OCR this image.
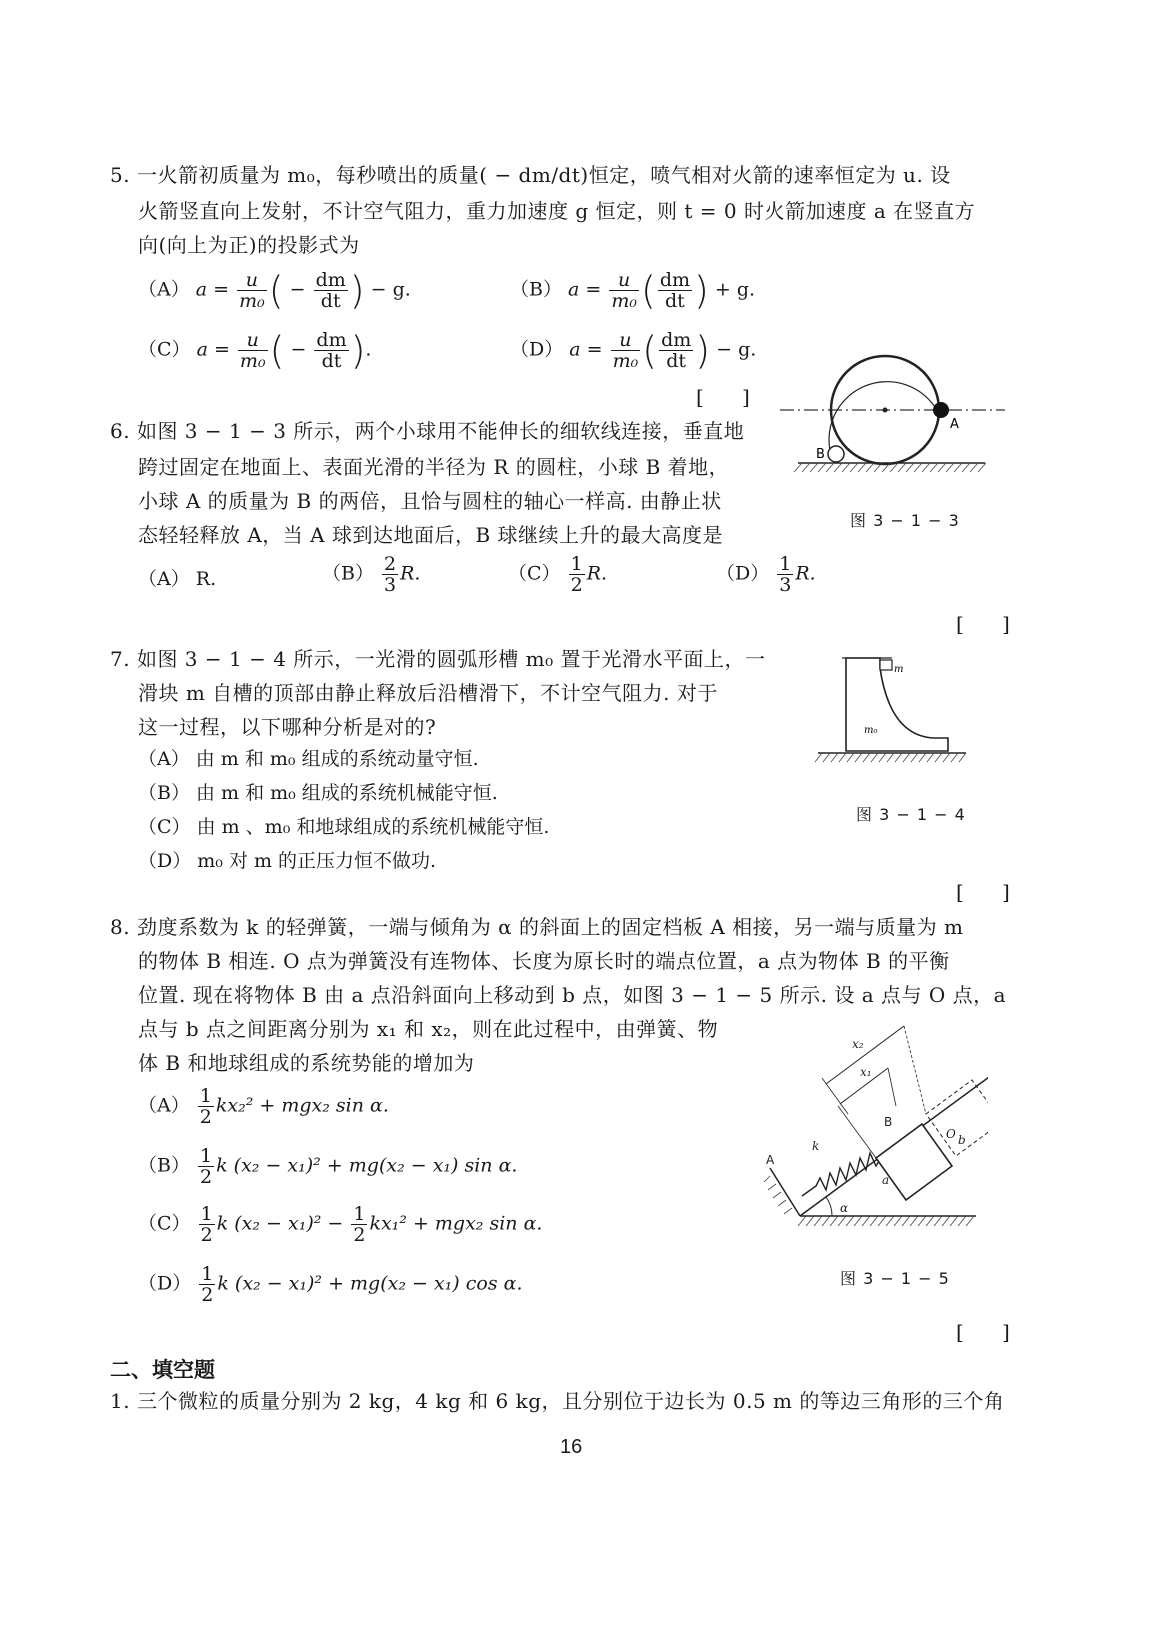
5. 一火箭初质量为 m₀，每秒喷出的质量( − dm/dt)恒定，喷气相对火箭的速率恒定为 u. 设
火箭竖直向上发射，不计空气阻力，重力加速度 g 恒定，则 t = 0 时火箭加速度 a 在竖直方
向(向上为正)的投影式为
（A） $a = \frac{u}{\text{m₀}}$ ( − $\frac{dm}{dt}$ ) − g.	（B） $a = \frac{u}{\text{m₀}}$ ( $\frac{dm}{dt}$ ) + g.
（C） $a = \frac{u}{\text{m₀}}$ ( − $\frac{dm}{dt}$ ).	（D） $a = \frac{u}{\text{m₀}}$ ( $\frac{dm}{dt}$ ) − g.
[      ]
6. 如图 3 − 1 − 3 所示，两个小球用不能伸长的细软线连接，垂直地
跨过固定在地面上、表面光滑的半径为 R 的圆柱，小球 B 着地，
小球 A 的质量为 B 的两倍，且恰与圆柱的轴心一样高. 由静止状
态轻轻释放 A，当 A 球到达地面后，B 球继续上升的最大高度是
（A） R.	$(B) \frac{2}{3} R$.	$(C) \frac{1}{2} R$.	$(D) \frac{1}{3} R$.
[      ]
A
B
图 3 − 1 − 3
7. 如图 3 − 1 − 4 所示，一光滑的圆弧形槽 m₀ 置于光滑水平面上，一
滑块 m 自槽的顶部由静止释放后沿槽滑下，不计空气阻力. 对于
这一过程，以下哪种分析是对的?
（A） 由 m 和 m₀ 组成的系统动量守恒.
（B） 由 m 和 m₀ 组成的系统机械能守恒.
（C） 由 m 、m₀ 和地球组成的系统机械能守恒.
（D） m₀ 对 m 的正压力恒不做功.
[      ]
m
m₀
图 3 − 1 − 4
8. 劲度系数为 k 的轻弹簧，一端与倾角为 α 的斜面上的固定档板 A 相接，另一端与质量为 m
的物体 B 相连. O 点为弹簧没有连物体、长度为原长时的端点位置，a 点为物体 B 的平衡
位置. 现在将物体 B 由 a 点沿斜面向上移动到 b 点，如图 3 − 1 − 5 所示. 设 a 点与 O 点，a
点与 b 点之间距离分别为 x₁ 和 x₂，则在此过程中，由弹簧、物
体 B 和地球组成的系统势能的增加为
$(A) \frac{1}{2} kx_2^2 + mgx_2$ sin α.
$(B) \frac{1}{2}$ k (x₂ − x₁)² + mg(x₂ − x₁) sin α.
$(C) \frac{1}{2}$ k $(x_2 - x_1)^2 - \frac{1}{2} kx_1^2 + mgx_2$ sin α.
$(D) \frac{1}{2}$ k (x₂ − x₁)² + mg(x₂ − x₁) cos α.
[      ]
A
B
k
a
b
O
x₁
x₂
α
图 3 − 1 − 5
二、填空题
1. 三个微粒的质量分别为 2 kg，4 kg 和 6 kg，且分别位于边长为 0.5 m 的等边三角形的三个角
16
